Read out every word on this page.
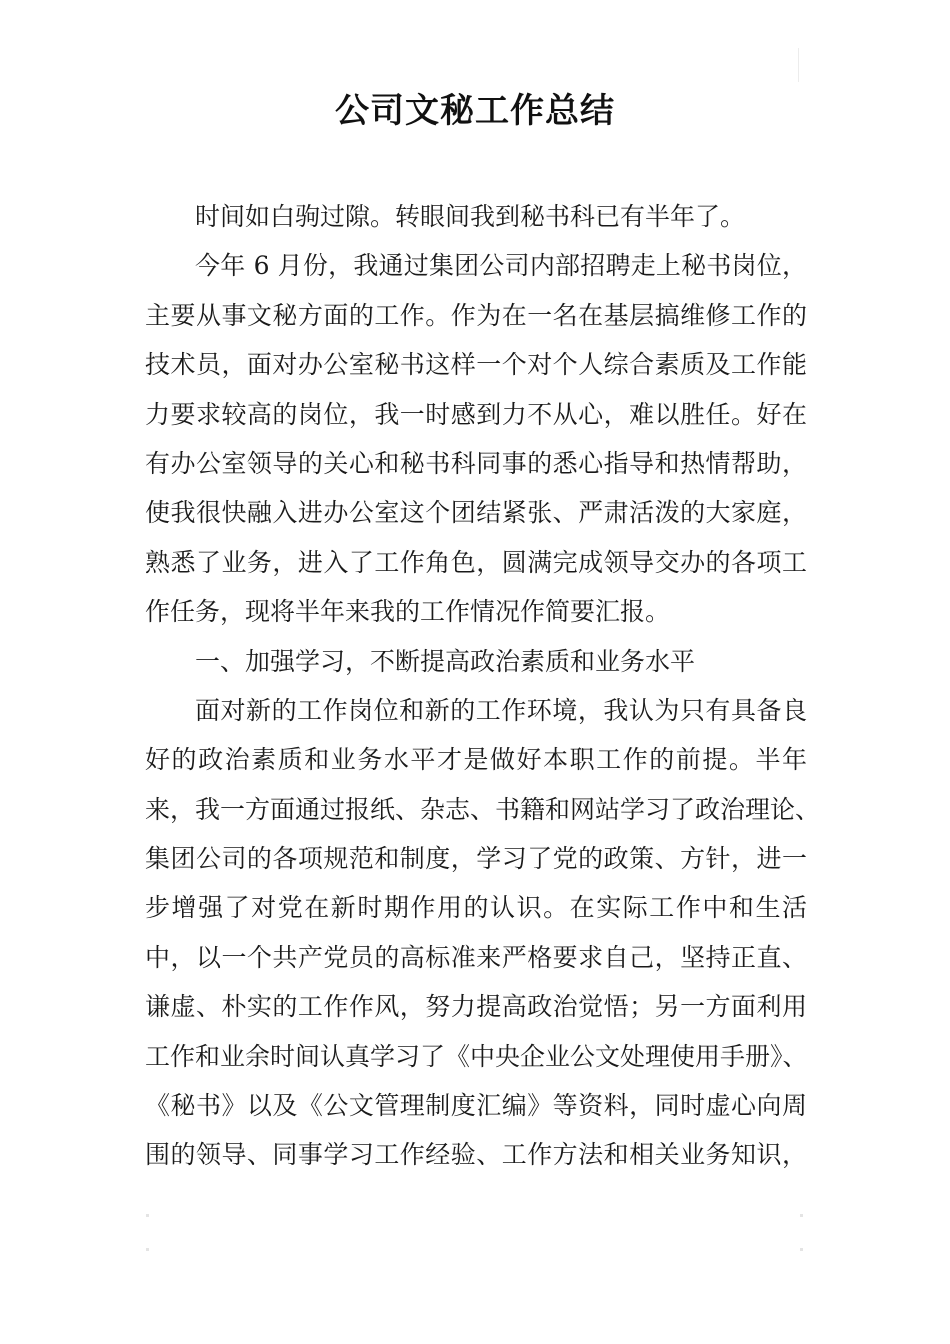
公司文秘工作总结
时间如白驹过隙。转眼间我到秘书科已有半年了。
今年 6 月份，我通过集团公司内部招聘走上秘书岗位，
主要从事文秘方面的工作。作为在一名在基层搞维修工作的
技术员，面对办公室秘书这样一个对个人综合素质及工作能
力要求较高的岗位，我一时感到力不从心，难以胜任。好在
有办公室领导的关心和秘书科同事的悉心指导和热情帮助，
使我很快融入进办公室这个团结紧张、严肃活泼的大家庭，
熟悉了业务，进入了工作角色，圆满完成领导交办的各项工
作任务，现将半年来我的工作情况作简要汇报。
一、加强学习，不断提高政治素质和业务水平
面对新的工作岗位和新的工作环境，我认为只有具备良
好的政治素质和业务水平才是做好本职工作的前提。半年
来，我一方面通过报纸、杂志、书籍和网站学习了政治理论、
集团公司的各项规范和制度，学习了党的政策、方针，进一
步增强了对党在新时期作用的认识。在实际工作中和生活
中，以一个共产党员的高标准来严格要求自己，坚持正直、
谦虚、朴实的工作作风，努力提高政治觉悟；另一方面利用
工作和业余时间认真学习了《中央企业公文处理使用手册》、
《秘书》以及《公文管理制度汇编》等资料，同时虚心向周
围的领导、同事学习工作经验、工作方法和相关业务知识，
